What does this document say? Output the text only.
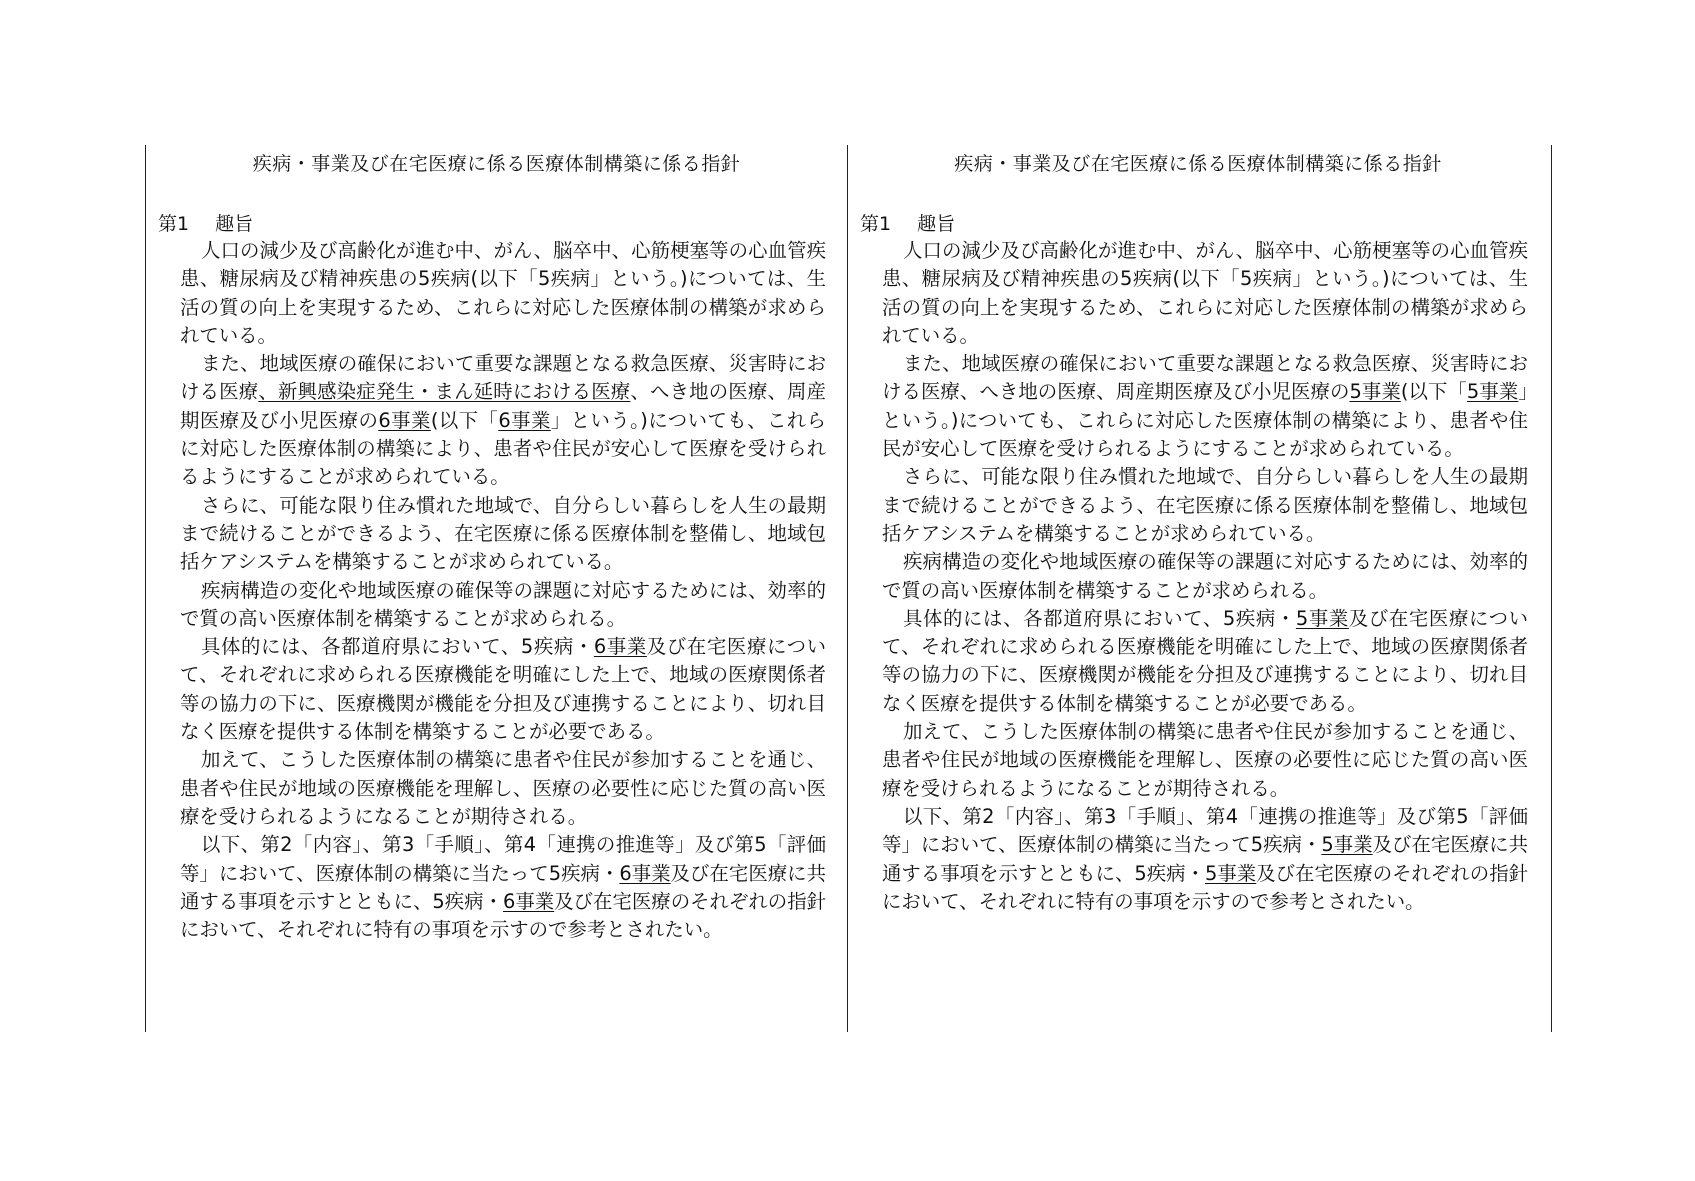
疾病・事業及び在宅医療に係る医療体制構築に係る指針
第1 趣旨

人口の減少及び高齢化が進む中、がん、脳卒中、心筋梗塞等の心血管疾患、糖尿病及び精神疾患の5疾病(以下「5疾病」という。)については、生活の質の向上を実現するため、これらに対応した医療体制の構築が求められている。

また、地域医療の確保において重要な課題となる救急医療、災害時における医療、新興感染症発生・まん延時における医療、へき地の医療、周産期医療及び小児医療の6事業(以下「6事業」という。)についても、これらに対応した医療体制の構築により、患者や住民が安心して医療を受けられるようにすることが求められている。

さらに、可能な限り住み慣れた地域で、自分らしい暮らしを人生の最期まで続けることができるよう、在宅医療に係る医療体制を整備し、地域包括ケアシステムを構築することが求められている。

疾病構造の変化や地域医療の確保等の課題に対応するためには、効率的で質の高い医療体制を構築することが求められる。

具体的には、各都道府県において、5疾病・6事業及び在宅医療について、それぞれに求められる医療機能を明確にした上で、地域の医療関係者等の協力の下に、医療機関が機能を分担及び連携することにより、切れ目なく医療を提供する体制を構築することが必要である。

加えて、こうした医療体制の構築に患者や住民が参加することを通じ、患者や住民が地域の医療機能を理解し、医療の必要性に応じた質の高い医療を受けられるようになることが期待される。

以下、第2「内容」、第3「手順」、第4「連携の推進等」及び第5「評価等」において、医療体制の構築に当たって5疾病・6事業及び在宅医療に共通する事項を示すとともに、5疾病・6事業及び在宅医療のそれぞれの指針において、それぞれに特有の事項を示すので参考とされたい。

疾病・事業及び在宅医療に係る医療体制構築に係る指針
第1 趣旨

人口の減少及び高齢化が進む中、がん、脳卒中、心筋梗塞等の心血管疾患、糖尿病及び精神疾患の5疾病(以下「5疾病」という。)については、生活の質の向上を実現するため、これらに対応した医療体制の構築が求められている。

また、地域医療の確保において重要な課題となる救急医療、災害時における医療、へき地の医療、周産期医療及び小児医療の5事業(以下「5事業」という。)についても、これらに対応した医療体制の構築により、患者や住民が安心して医療を受けられるようにすることが求められている。

さらに、可能な限り住み慣れた地域で、自分らしい暮らしを人生の最期まで続けることができるよう、在宅医療に係る医療体制を整備し、地域包括ケアシステムを構築することが求められている。

疾病構造の変化や地域医療の確保等の課題に対応するためには、効率的で質の高い医療体制を構築することが求められる。

具体的には、各都道府県において、5疾病・5事業及び在宅医療について、それぞれに求められる医療機能を明確にした上で、地域の医療関係者等の協力の下に、医療機関が機能を分担及び連携することにより、切れ目なく医療を提供する体制を構築することが必要である。

加えて、こうした医療体制の構築に患者や住民が参加することを通じ、患者や住民が地域の医療機能を理解し、医療の必要性に応じた質の高い医療を受けられるようになることが期待される。

以下、第2「内容」、第3「手順」、第4「連携の推進等」及び第5「評価等」において、医療体制の構築に当たって5疾病・5事業及び在宅医療に共通する事項を示すとともに、5疾病・5事業及び在宅医療のそれぞれの指針において、それぞれに特有の事項を示すので参考とされたい。
